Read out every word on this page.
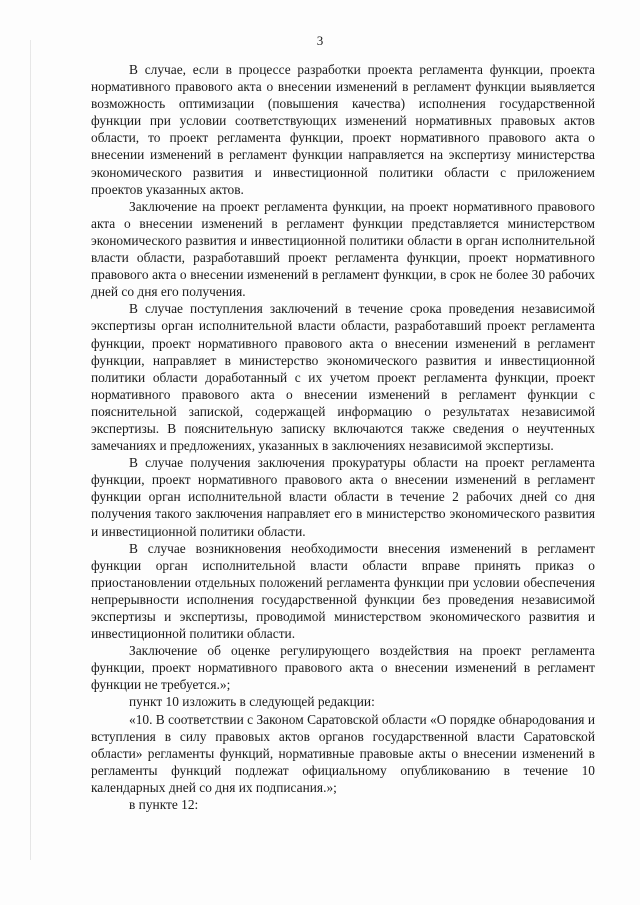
3

В случае, если в процессе разработки проекта регламента функции, проекта нормативного правового акта о внесении изменений в регламент функции выявляется возможность оптимизации (повышения качества) исполнения государственной функции при условии соответствующих изменений нормативных правовых актов области, то проект регламента функции, проект нормативного правового акта о внесении изменений в регламент функции направляется на экспертизу министерства экономического развития и инвестиционной политики области с приложением проектов указанных актов.

Заключение на проект регламента функции, на проект нормативного правового акта о внесении изменений в регламент функции представляется министерством экономического развития и инвестиционной политики области в орган исполнительной власти области, разработавший проект регламента функции, проект нормативного правового акта о внесении изменений в регламент функции, в срок не более 30 рабочих дней со дня его получения.

В случае поступления заключений в течение срока проведения независимой экспертизы орган исполнительной власти области, разработавший проект регламента функции, проект нормативного правового акта о внесении изменений в регламент функции, направляет в министерство экономического развития и инвестиционной политики области доработанный с их учетом проект регламента функции, проект нормативного правового акта о внесении изменений в регламент функции с пояснительной запиской, содержащей информацию о результатах независимой экспертизы. В пояснительную записку включаются также сведения о неучтенных замечаниях и предложениях, указанных в заключениях независимой экспертизы.

В случае получения заключения прокуратуры области на проект регламента функции, проект нормативного правового акта о внесении изменений в регламент функции орган исполнительной власти области в течение 2 рабочих дней со дня получения такого заключения направляет его в министерство экономического развития и инвестиционной политики области.

В случае возникновения необходимости внесения изменений в регламент функции орган исполнительной власти области вправе принять приказ о приостановлении отдельных положений регламента функции при условии обеспечения непрерывности исполнения государственной функции без проведения независимой экспертизы и экспертизы, проводимой министерством экономического развития и инвестиционной политики области.

Заключение об оценке регулирующего воздействия на проект регламента функции, проект нормативного правового акта о внесении изменений в регламент функции не требуется.»;

пункт 10 изложить в следующей редакции:

«10. В соответствии с Законом Саратовской области «О порядке обнародования и вступления в силу правовых актов органов государственной власти Саратовской области» регламенты функций, нормативные правовые акты о внесении изменений в регламенты функций подлежат официальному опубликованию в течение 10 календарных дней со дня их подписания.»;

в пункте 12:
